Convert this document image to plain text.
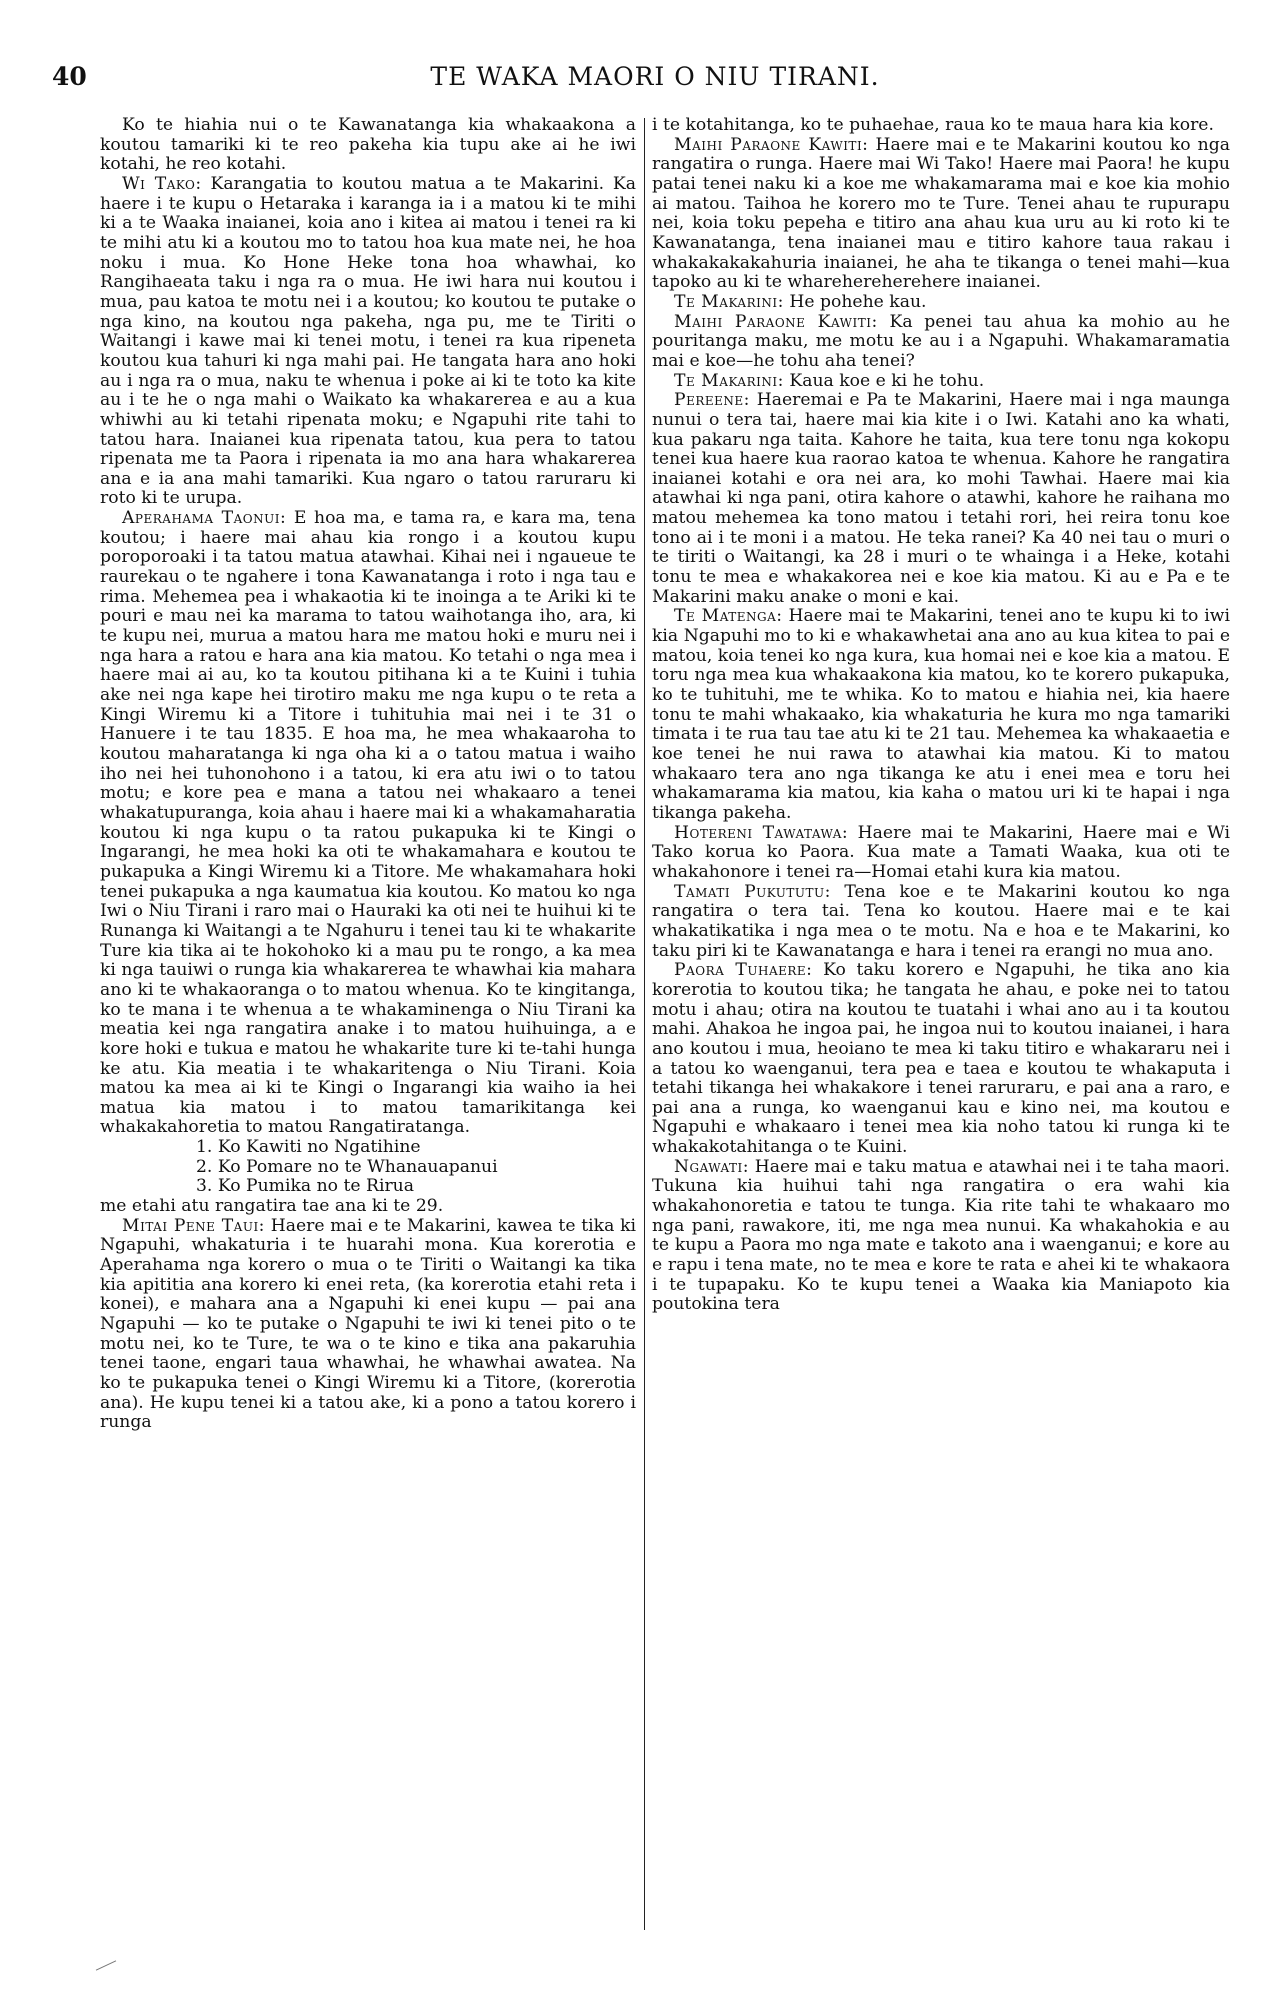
40	TE WAKA MAORI O NIU TIRANI.

Ko te hiahia nui o te Kawanatanga kia whakaakona a koutou tamariki ki te reo pakeha kia tupu ake ai he iwi kotahi, he reo kotahi.

Wi Tako: Karangatia to koutou matua a te Makarini. Ka haere i te kupu o Hetaraka i karanga ia i a matou ki te mihi ki a te Waaka inaianei, koia ano i kitea ai matou i tenei ra ki te mihi atu ki a koutou mo to tatou hoa kua mate nei, he hoa noku i mua. Ko Hone Heke tona hoa whawhai, ko Rangihaeata taku i nga ra o mua. He iwi hara nui koutou i mua, pau katoa te motu nei i a koutou; ko koutou te putake o nga kino, na koutou nga pakeha, nga pu, me te Tiriti o Waitangi i kawe mai ki tenei motu, i tenei ra kua ripeneta koutou kua tahuri ki nga mahi pai. He tangata hara ano hoki au i nga ra o mua, naku te whenua i poke ai ki te toto ka kite au i te he o nga mahi o Waikato ka whakarerea e au a kua whiwhi au ki tetahi ripenata moku; e Ngapuhi rite tahi to tatou hara. Inaianei kua ripenata tatou, kua pera to tatou ripenata me ta Paora i ripenata ia mo ana hara whakarerea ana e ia ana mahi tamariki. Kua ngaro o tatou raruraru ki roto ki te urupa.

Aperahama Taonui: E hoa ma, e tama ra, e kara ma, tena koutou; i haere mai ahau kia rongo i a koutou kupu poroporoaki i ta tatou matua atawhai. Kihai nei i ngaueue te raurekau o te ngahere i tona Kawanatanga i roto i nga tau e rima. Mehemea pea i whakaotia ki te inoinga a te Ariki ki te pouri e mau nei ka marama to tatou waihotanga iho, ara, ki te kupu nei, murua a matou hara me matou hoki e muru nei i nga hara a ratou e hara ana kia matou. Ko tetahi o nga mea i haere mai ai au, ko ta koutou pitihana ki a te Kuini i tuhia ake nei nga kape hei tirotiro maku me nga kupu o te reta a Kingi Wiremu ki a Titore i tuhituhia mai nei i te 31 o Hanuere i te tau 1835. E hoa ma, he mea whakaaroha to koutou maharatanga ki nga oha ki a o tatou matua i waiho iho nei hei tuhonohono i a tatou, ki era atu iwi o to tatou motu; e kore pea e mana a tatou nei whakaaro a tenei whakatupuranga, koia ahau i haere mai ki a whakamaharatia koutou ki nga kupu o ta ratou pukapuka ki te Kingi o Ingarangi, he mea hoki ka oti te whakamahara e koutou te pukapuka a Kingi Wiremu ki a Titore. Me whakamahara hoki tenei pukapuka a nga kaumatua kia koutou. Ko matou ko nga Iwi o Niu Tirani i raro mai o Hauraki ka oti nei te huihui ki te Runanga ki Waitangi a te Ngahuru i tenei tau ki te whakarite Ture kia tika ai te hokohoko ki a mau pu te rongo, a ka mea ki nga tauiwi o runga kia whakarerea te whawhai kia mahara ano ki te whakaoranga o to matou whenua. Ko te kingitanga, ko te mana i te whenua a te whakaminenga o Niu Tirani ka meatia kei nga rangatira anake i to matou huihuinga, a e kore hoki e tukua e matou he whakarite ture ki te-tahi hunga ke atu. Kia meatia i te whakaritenga o Niu Tirani. Koia matou ka mea ai ki te Kingi o Ingarangi kia waiho ia hei matua kia matou i to matou tamarikitanga kei whakakahoretia to matou Rangatiratanga.

1. Ko Kawiti no Ngatihine
2. Ko Pomare no te Whanauapanui
3. Ko Pumika no te Rirua

me etahi atu rangatira tae ana ki te 29.

Mitai Pene Taui: Haere mai e te Makarini, kawea te tika ki Ngapuhi, whakaturia i te huarahi mona. Kua korerotia e Aperahama nga korero o mua o te Tiriti o Waitangi ka tika kia apititia ana korero ki enei reta, (ka korerotia etahi reta i konei), e mahara ana a Ngapuhi ki enei kupu — pai ana Ngapuhi — ko te putake o Ngapuhi te iwi ki tenei pito o te motu nei, ko te Ture, te wa o te kino e tika ana pakaruhia tenei taone, engari taua whawhai, he whawhai awatea. Na ko te pukapuka tenei o Kingi Wiremu ki a Titore, (korerotia ana). He kupu tenei ki a tatou ake, ki a pono a tatou korero i runga

i te kotahitanga, ko te puhaehae, raua ko te maua hara kia kore.

Maihi Paraone Kawiti: Haere mai e te Makarini koutou ko nga rangatira o runga. Haere mai Wi Tako! Haere mai Paora! he kupu patai tenei naku ki a koe me whakamarama mai e koe kia mohio ai matou. Taihoa he korero mo te Ture. Tenei ahau te rupurapu nei, koia toku pepeha e titiro ana ahau kua uru au ki roto ki te Kawanatanga, tena inaianei mau e titiro kahore taua rakau i whakakakakahuria inaianei, he aha te tikanga o tenei mahi—kua tapoko au ki te wharehereherehere inaianei.

Te Makarini: He pohehe kau.

Maihi Paraone Kawiti: Ka penei tau ahua ka mohio au he pouritanga maku, me motu ke au i a Ngapuhi. Whakamaramatia mai e koe—he tohu aha tenei?

Te Makarini: Kaua koe e ki he tohu.

Pereene: Haeremai e Pa te Makarini, Haere mai i nga maunga nunui o tera tai, haere mai kia kite i o Iwi. Katahi ano ka whati, kua pakaru nga taita. Kahore he taita, kua tere tonu nga kokopu tenei kua haere kua raorao katoa te whenua. Kahore he rangatira inaianei kotahi e ora nei ara, ko mohi Tawhai. Haere mai kia atawhai ki nga pani, otira kahore o atawhi, kahore he raihana mo matou mehemea ka tono matou i tetahi rori, hei reira tonu koe tono ai i te moni i a matou. He teka ranei? Ka 40 nei tau o muri o te tiriti o Waitangi, ka 28 i muri o te whainga i a Heke, kotahi tonu te mea e whakakorea nei e koe kia matou. Ki au e Pa e te Makarini maku anake o moni e kai.

Te Matenga: Haere mai te Makarini, tenei ano te kupu ki to iwi kia Ngapuhi mo to ki e whakawhetai ana ano au kua kitea to pai e matou, koia tenei ko nga kura, kua homai nei e koe kia a matou. E toru nga mea kua whakaakona kia matou, ko te korero pukapuka, ko te tuhituhi, me te whika. Ko to matou e hiahia nei, kia haere tonu te mahi whakaako, kia whakaturia he kura mo nga tamariki timata i te rua tau tae atu ki te 21 tau. Mehemea ka whakaaetia e koe tenei he nui rawa to atawhai kia matou. Ki to matou whakaaro tera ano nga tikanga ke atu i enei mea e toru hei whakamarama kia matou, kia kaha o matou uri ki te hapai i nga tikanga pakeha.

Hotereni Tawatawa: Haere mai te Makarini, Haere mai e Wi Tako korua ko Paora. Kua mate a Tamati Waaka, kua oti te whakahonore i tenei ra—Homai etahi kura kia matou.

Tamati Pukututu: Tena koe e te Makarini koutou ko nga rangatira o tera tai. Tena ko koutou. Haere mai e te kai whakatikatika i nga mea o te motu. Na e hoa e te Makarini, ko taku piri ki te Kawanatanga e hara i tenei ra erangi no mua ano.

Paora Tuhaere: Ko taku korero e Ngapuhi, he tika ano kia korerotia to koutou tika; he tangata he ahau, e poke nei to tatou motu i ahau; otira na koutou te tuatahi i whai ano au i ta koutou mahi. Ahakoa he ingoa pai, he ingoa nui to koutou inaianei, i hara ano koutou i mua, heoiano te mea ki taku titiro e whakararu nei i a tatou ko waenganui, tera pea e taea e koutou te whakaputa i tetahi tikanga hei whakakore i tenei raruraru, e pai ana a raro, e pai ana a runga, ko waenganui kau e kino nei, ma koutou e Ngapuhi e whakaaro i tenei mea kia noho tatou ki runga ki te whakakotahitanga o te Kuini.

Ngawati: Haere mai e taku matua e atawhai nei i te taha maori. Tukuna kia huihui tahi nga rangatira o era wahi kia whakahonoretia e tatou te tunga. Kia rite tahi te whakaaro mo nga pani, rawakore, iti, me nga mea nunui. Ka whakahokia e au te kupu a Paora mo nga mate e takoto ana i waenganui; e kore au e rapu i tena mate, no te mea e kore te rata e ahei ki te whakaora i te tupapaku. Ko te kupu tenei a Waaka kia Maniapoto kia poutokina tera
